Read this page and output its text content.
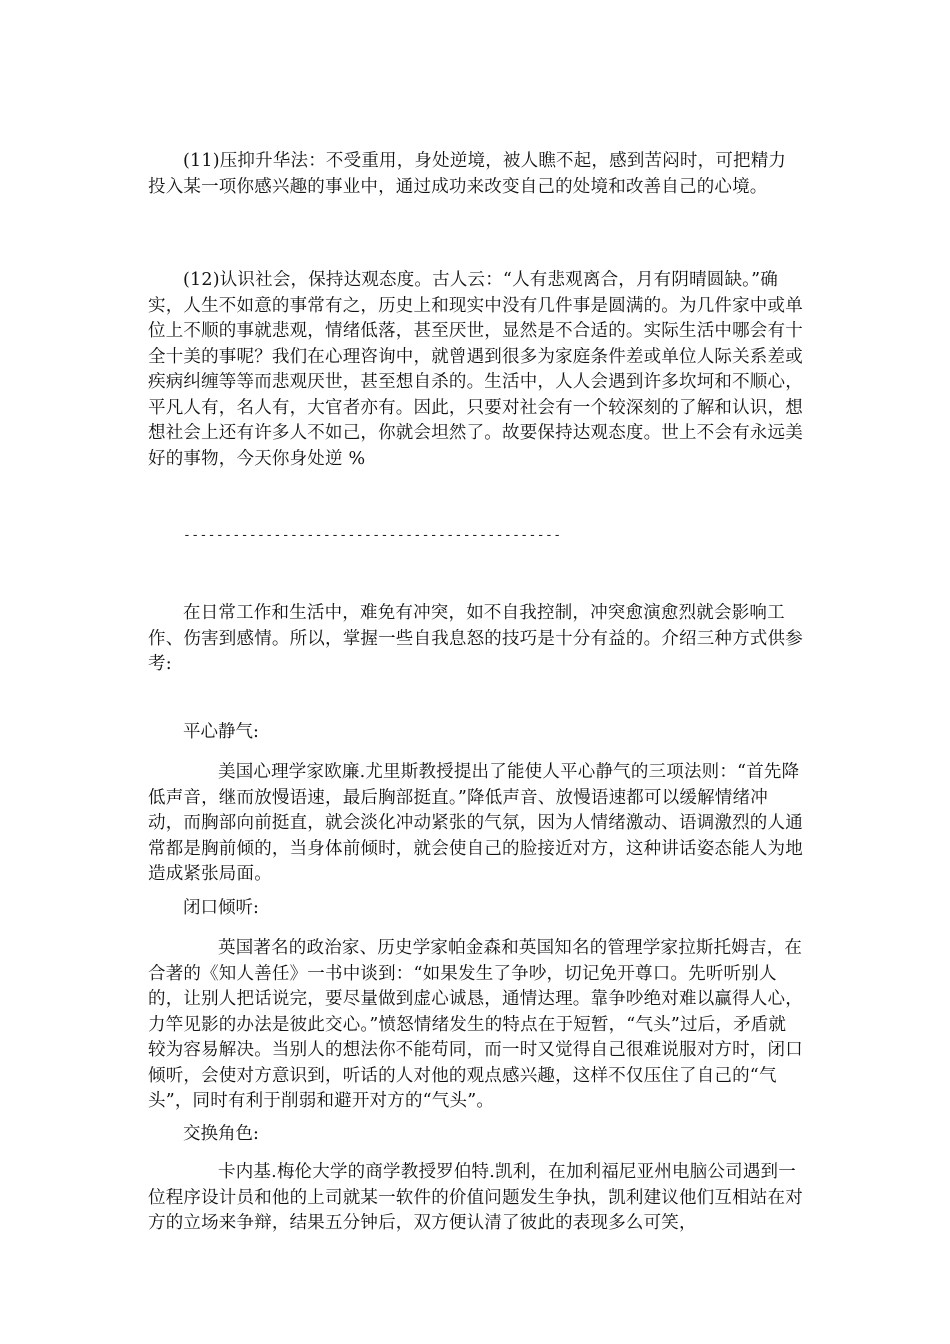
(11)压抑升华法：不受重用，身处逆境，被人瞧不起，感到苦闷时，可把精力投入某一项你感兴趣的事业中，通过成功来改变自己的处境和改善自己的心境。

(12)认识社会，保持达观态度。古人云：“人有悲观离合，月有阴晴圆缺。”确实，人生不如意的事常有之，历史上和现实中没有几件事是圆满的。为几件家中或单位上不顺的事就悲观，情绪低落，甚至厌世，显然是不合适的。实际生活中哪会有十全十美的事呢？我们在心理咨询中，就曾遇到很多为家庭条件差或单位人际关系差或疾病纠缠等等而悲观厌世，甚至想自杀的。生活中，人人会遇到许多坎坷和不顺心，平凡人有，名人有，大官者亦有。因此，只要对社会有一个较深刻的了解和认识，想想社会上还有许多人不如己，你就会坦然了。故要保持达观态度。世上不会有永远美好的事物，今天你身处逆 %

----------------------------------------------

在日常工作和生活中，难免有冲突，如不自我控制，冲突愈演愈烈就会影响工作、伤害到感情。所以，掌握一些自我息怒的技巧是十分有益的。介绍三种方式供参考:

平心静气:

美国心理学家欧廉.尤里斯教授提出了能使人平心静气的三项法则：“首先降低声音，继而放慢语速，最后胸部挺直。”降低声音、放慢语速都可以缓解情绪冲动，而胸部向前挺直，就会淡化冲动紧张的气氛，因为人情绪激动、语调激烈的人通常都是胸前倾的，当身体前倾时，就会使自己的脸接近对方，这种讲话姿态能人为地造成紧张局面。

闭口倾听:

英国著名的政治家、历史学家帕金森和英国知名的管理学家拉斯托姆吉，在合著的《知人善任》一书中谈到：“如果发生了争吵，切记免开尊口。先听听别人的，让别人把话说完，要尽量做到虚心诚恳，通情达理。靠争吵绝对难以赢得人心，力竿见影的办法是彼此交心。”愤怒情绪发生的特点在于短暂，“气头”过后，矛盾就较为容易解决。当别人的想法你不能苟同，而一时又觉得自己很难说服对方时，闭口倾听，会使对方意识到，听话的人对他的观点感兴趣，这样不仅压住了自己的“气头”，同时有利于削弱和避开对方的“气头”。

交换角色:

卡内基.梅伦大学的商学教授罗伯特.凯利，在加利福尼亚州电脑公司遇到一位程序设计员和他的上司就某一软件的价值问题发生争执，凯利建议他们互相站在对方的立场来争辩，结果五分钟后，双方便认清了彼此的表现多么可笑，
